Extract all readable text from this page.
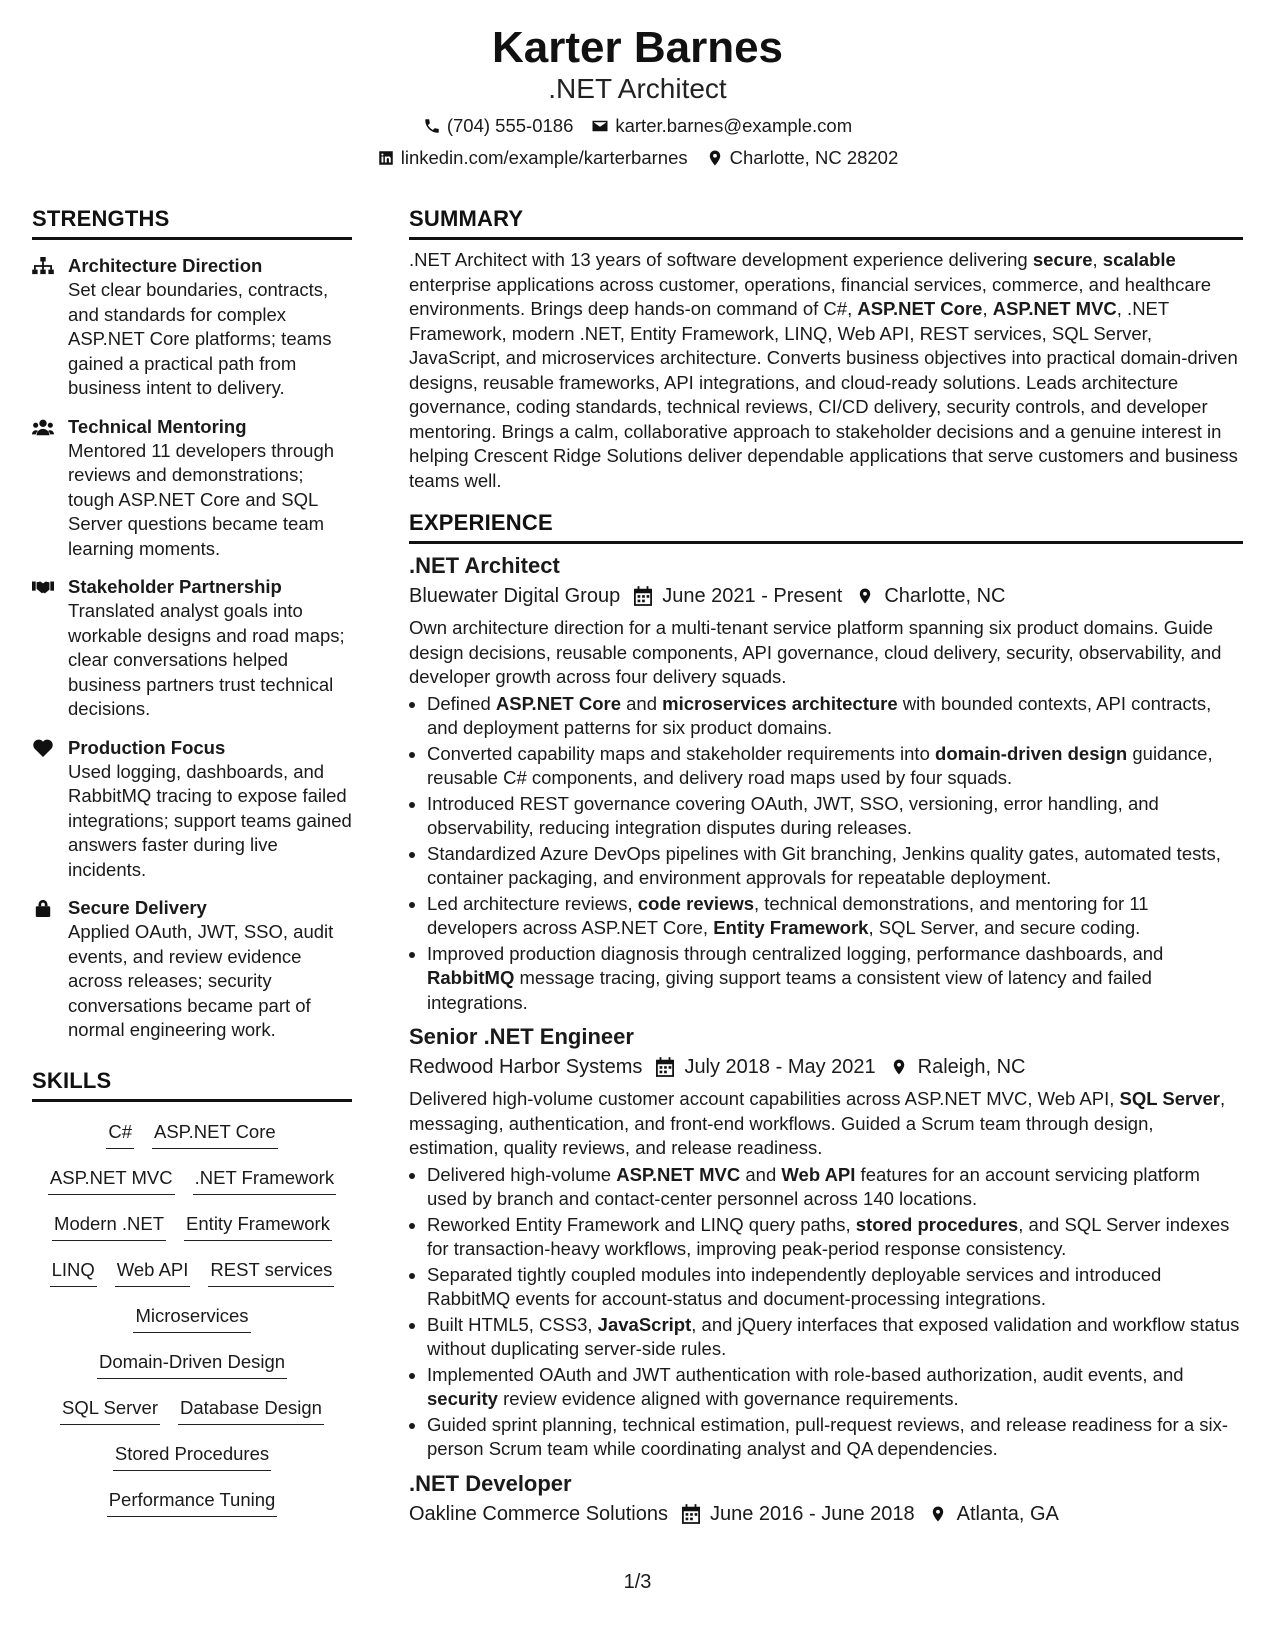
Karter Barnes
.NET Architect
(704) 555-0186 karter.barnes@example.com
linkedin.com/example/karterbarnes Charlotte, NC 28202
STRENGTHS
Architecture Direction
Set clear boundaries, contracts, and standards for complex ASP.NET Core platforms; teams gained a practical path from business intent to delivery.
Technical Mentoring
Mentored 11 developers through reviews and demonstrations; tough ASP.NET Core and SQL Server questions became team learning moments.
Stakeholder Partnership
Translated analyst goals into workable designs and road maps; clear conversations helped business partners trust technical decisions.
Production Focus
Used logging, dashboards, and RabbitMQ tracing to expose failed integrations; support teams gained answers faster during live incidents.
Secure Delivery
Applied OAuth, JWT, SSO, audit events, and review evidence across releases; security conversations became part of normal engineering work.
SKILLS
C# ASP.NET Core
ASP.NET MVC .NET Framework
Modern .NET Entity Framework
LINQ Web API REST services
Microservices
Domain-Driven Design
SQL Server Database Design
Stored Procedures
Performance Tuning
SUMMARY
.NET Architect with 13 years of software development experience delivering secure, scalable enterprise applications across customer, operations, financial services, commerce, and healthcare environments. Brings deep hands-on command of C#, ASP.NET Core, ASP.NET MVC, .NET Framework, modern .NET, Entity Framework, LINQ, Web API, REST services, SQL Server, JavaScript, and microservices architecture. Converts business objectives into practical domain-driven designs, reusable frameworks, API integrations, and cloud-ready solutions. Leads architecture governance, coding standards, technical reviews, CI/CD delivery, security controls, and developer mentoring. Brings a calm, collaborative approach to stakeholder decisions and a genuine interest in helping Crescent Ridge Solutions deliver dependable applications that serve customers and business teams well.
EXPERIENCE
.NET Architect
Bluewater Digital Group June 2021 - Present Charlotte, NC
Own architecture direction for a multi-tenant service platform spanning six product domains. Guide design decisions, reusable components, API governance, cloud delivery, security, observability, and developer growth across four delivery squads.
• Defined ASP.NET Core and microservices architecture with bounded contexts, API contracts, and deployment patterns for six product domains.
• Converted capability maps and stakeholder requirements into domain-driven design guidance, reusable C# components, and delivery road maps used by four squads.
• Introduced REST governance covering OAuth, JWT, SSO, versioning, error handling, and observability, reducing integration disputes during releases.
• Standardized Azure DevOps pipelines with Git branching, Jenkins quality gates, automated tests, container packaging, and environment approvals for repeatable deployment.
• Led architecture reviews, code reviews, technical demonstrations, and mentoring for 11 developers across ASP.NET Core, Entity Framework, SQL Server, and secure coding.
• Improved production diagnosis through centralized logging, performance dashboards, and RabbitMQ message tracing, giving support teams a consistent view of latency and failed integrations.
Senior .NET Engineer
Redwood Harbor Systems July 2018 - May 2021 Raleigh, NC
Delivered high-volume customer account capabilities across ASP.NET MVC, Web API, SQL Server, messaging, authentication, and front-end workflows. Guided a Scrum team through design, estimation, quality reviews, and release readiness.
• Delivered high-volume ASP.NET MVC and Web API features for an account servicing platform used by branch and contact-center personnel across 140 locations.
• Reworked Entity Framework and LINQ query paths, stored procedures, and SQL Server indexes for transaction-heavy workflows, improving peak-period response consistency.
• Separated tightly coupled modules into independently deployable services and introduced RabbitMQ events for account-status and document-processing integrations.
• Built HTML5, CSS3, JavaScript, and jQuery interfaces that exposed validation and workflow status without duplicating server-side rules.
• Implemented OAuth and JWT authentication with role-based authorization, audit events, and security review evidence aligned with governance requirements.
• Guided sprint planning, technical estimation, pull-request reviews, and release readiness for a six-person Scrum team while coordinating analyst and QA dependencies.
.NET Developer
Oakline Commerce Solutions June 2016 - June 2018 Atlanta, GA
1/3
